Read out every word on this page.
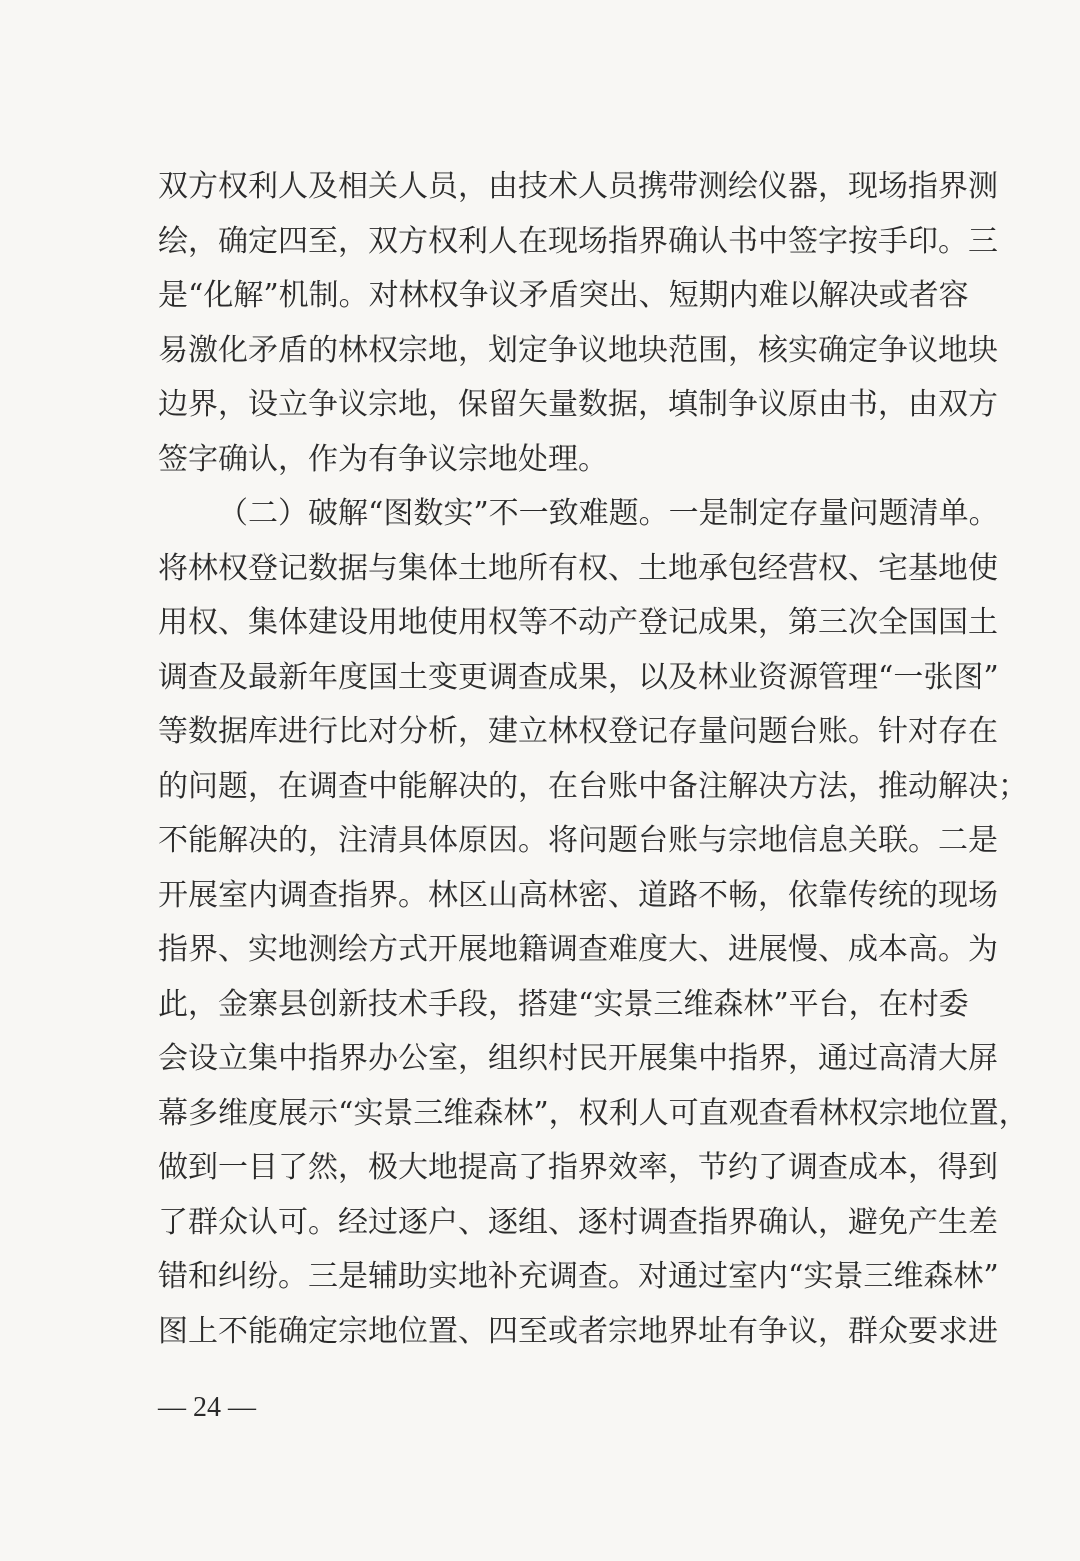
双方权利人及相关人员，由技术人员携带测绘仪器，现场指界测
绘，确定四至，双方权利人在现场指界确认书中签字按手印。三
是“化解”机制。对林权争议矛盾突出、短期内难以解决或者容
易激化矛盾的林权宗地，划定争议地块范围，核实确定争议地块
边界，设立争议宗地，保留矢量数据，填制争议原由书，由双方
签字确认，作为有争议宗地处理。
（二）破解“图数实”不一致难题。一是制定存量问题清单。
将林权登记数据与集体土地所有权、土地承包经营权、宅基地使
用权、集体建设用地使用权等不动产登记成果，第三次全国国土
调查及最新年度国土变更调查成果，以及林业资源管理“一张图”
等数据库进行比对分析，建立林权登记存量问题台账。针对存在
的问题，在调查中能解决的，在台账中备注解决方法，推动解决；
不能解决的，注清具体原因。将问题台账与宗地信息关联。二是
开展室内调查指界。林区山高林密、道路不畅，依靠传统的现场
指界、实地测绘方式开展地籍调查难度大、进展慢、成本高。为
此，金寨县创新技术手段，搭建“实景三维森林”平台，在村委
会设立集中指界办公室，组织村民开展集中指界，通过高清大屏
幕多维度展示“实景三维森林”，权利人可直观查看林权宗地位置，
做到一目了然，极大地提高了指界效率，节约了调查成本，得到
了群众认可。经过逐户、逐组、逐村调查指界确认，避免产生差
错和纠纷。三是辅助实地补充调查。对通过室内“实景三维森林”
图上不能确定宗地位置、四至或者宗地界址有争议，群众要求进
— 24 —
